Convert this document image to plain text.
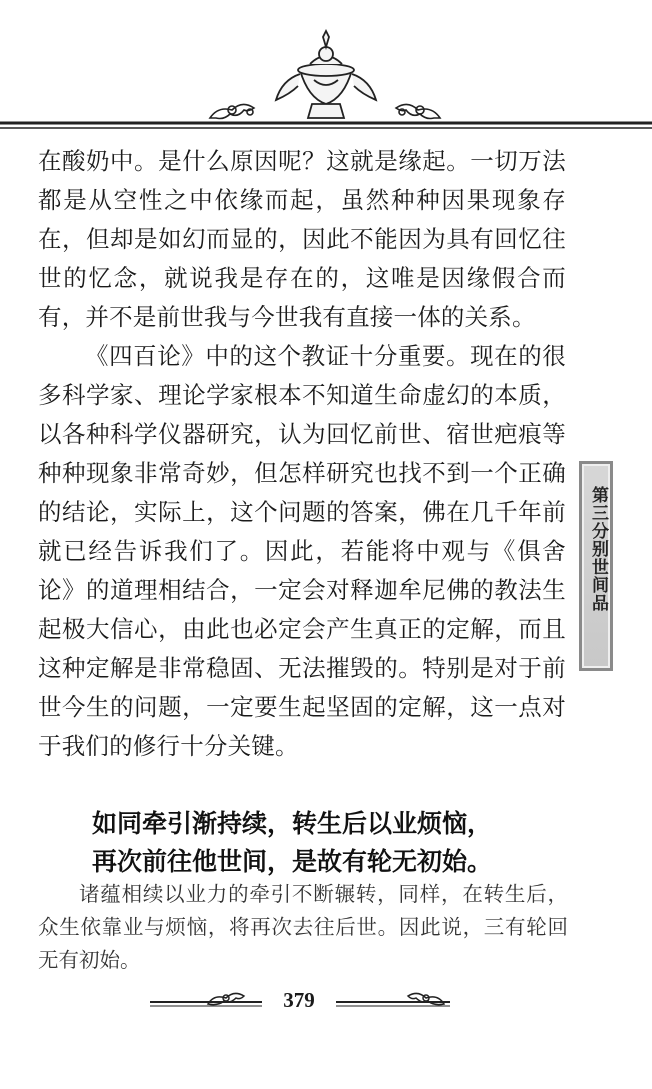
在酸奶中。是什么原因呢？这就是缘起。一切万法都是从空性之中依缘而起，虽然种种因果现象存在，但却是如幻而显的，因此不能因为具有回忆往世的忆念，就说我是存在的，这唯是因缘假合而有，并不是前世我与今世我有直接一体的关系。

《四百论》中的这个教证十分重要。现在的很多科学家、理论学家根本不知道生命虚幻的本质，以各种科学仪器研究，认为回忆前世、宿世疤痕等种种现象非常奇妙，但怎样研究也找不到一个正确的结论，实际上，这个问题的答案，佛在几千年前就已经告诉我们了。因此，若能将中观与《俱舍论》的道理相结合，一定会对释迦牟尼佛的教法生起极大信心，由此也必定会产生真正的定解，而且这种定解是非常稳固、无法摧毁的。特别是对于前世今生的问题，一定要生起坚固的定解，这一点对于我们的修行十分关键。

如同牵引渐持续，转生后以业烦恼，
再次前往他世间，是故有轮无初始。

诸蕴相续以业力的牵引不断辗转，同样，在转生后，众生依靠业与烦恼，将再次去往后世。因此说，三有轮回无有初始。

第三分别世间品
379
